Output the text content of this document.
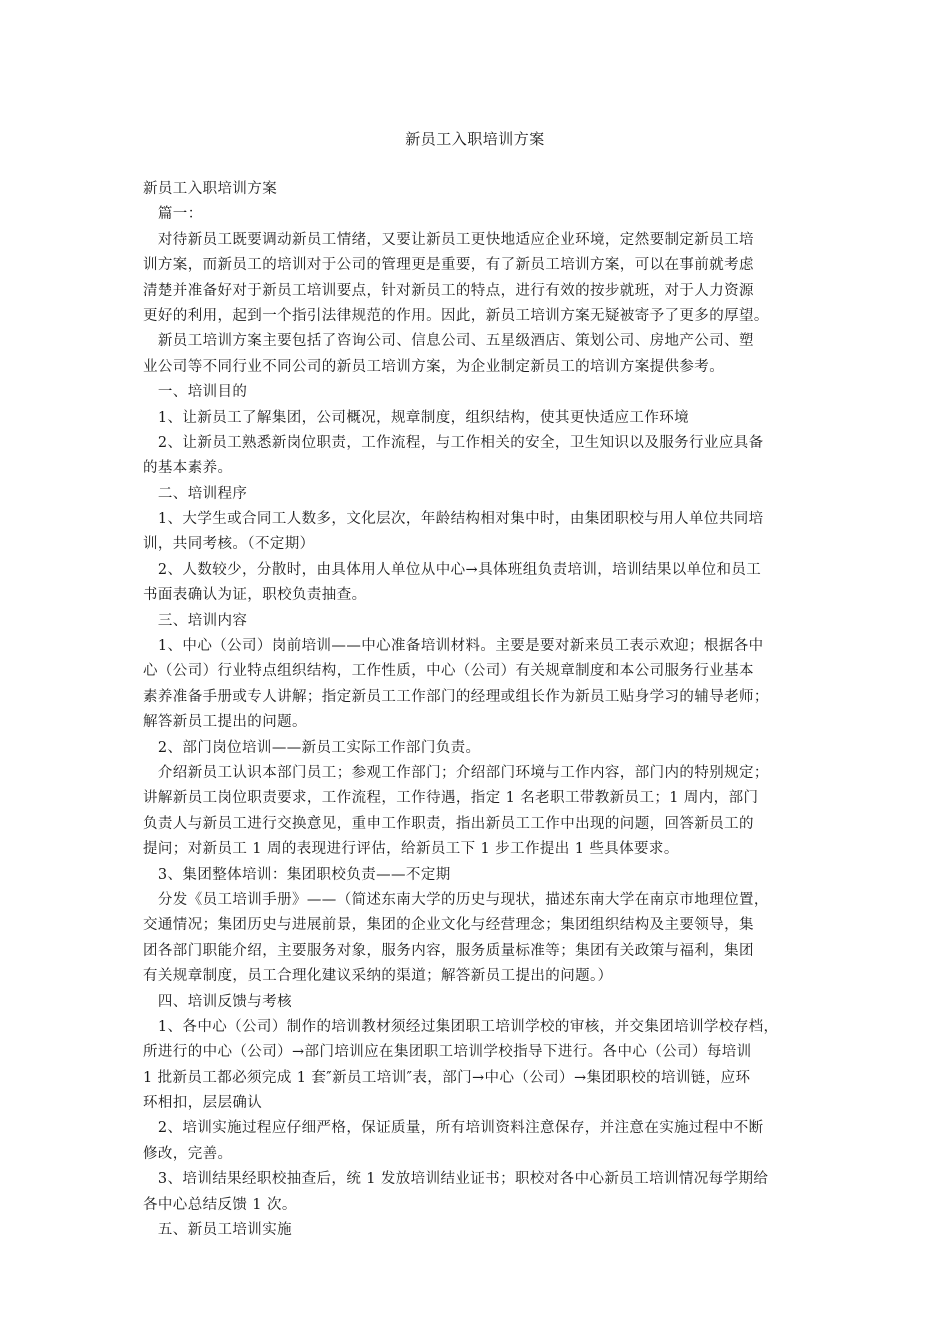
新员工入职培训方案
新员工入职培训方案
　篇一：
　对待新员工既要调动新员工情绪，又要让新员工更快地适应企业环境，定然要制定新员工培
训方案，而新员工的培训对于公司的管理更是重要，有了新员工培训方案，可以在事前就考虑
清楚并准备好对于新员工培训要点，针对新员工的特点，进行有效的按步就班，对于人力资源
更好的利用，起到一个指引法律规范的作用。因此，新员工培训方案无疑被寄予了更多的厚望。
　新员工培训方案主要包括了咨询公司、信息公司、五星级酒店、策划公司、房地产公司、塑
业公司等不同行业不同公司的新员工培训方案，为企业制定新员工的培训方案提供参考。
　一、培训目的
　1、让新员工了解集团，公司概况，规章制度，组织结构，使其更快适应工作环境
　2、让新员工熟悉新岗位职责，工作流程，与工作相关的安全，卫生知识以及服务行业应具备
的基本素养。
　二、培训程序
　1、大学生或合同工人数多，文化层次，年龄结构相对集中时，由集团职校与用人单位共同培
训，共同考核。（不定期）
　2、人数较少，分散时，由具体用人单位从中心→具体班组负责培训，培训结果以单位和员工
书面表确认为证，职校负责抽查。
　三、培训内容
　1、中心（公司）岗前培训——中心准备培训材料。主要是要对新来员工表示欢迎；根据各中
心（公司）行业特点组织结构，工作性质，中心（公司）有关规章制度和本公司服务行业基本
素养准备手册或专人讲解；指定新员工工作部门的经理或组长作为新员工贴身学习的辅导老师；
解答新员工提出的问题。
　2、部门岗位培训——新员工实际工作部门负责。
　介绍新员工认识本部门员工；参观工作部门；介绍部门环境与工作内容，部门内的特别规定；
讲解新员工岗位职责要求，工作流程，工作待遇，指定 1 名老职工带教新员工；1 周内，部门
负责人与新员工进行交换意见，重申工作职责，指出新员工工作中出现的问题，回答新员工的
提问；对新员工 1 周的表现进行评估，给新员工下 1 步工作提出 1 些具体要求。
　3、集团整体培训：集团职校负责——不定期
　分发《员工培训手册》——（简述东南大学的历史与现状，描述东南大学在南京市地理位置，
交通情况；集团历史与进展前景，集团的企业文化与经营理念；集团组织结构及主要领导，集
团各部门职能介绍，主要服务对象，服务内容，服务质量标准等；集团有关政策与福利，集团
有关规章制度，员工合理化建议采纳的渠道；解答新员工提出的问题。）
　四、培训反馈与考核
　1、各中心（公司）制作的培训教材须经过集团职工培训学校的审核，并交集团培训学校存档，
所进行的中心（公司）→部门培训应在集团职工培训学校指导下进行。各中心（公司）每培训
1 批新员工都必须完成 1 套″新员工培训″表，部门→中心（公司）→集团职校的培训链，应环
环相扣，层层确认
　2、培训实施过程应仔细严格，保证质量，所有培训资料注意保存，并注意在实施过程中不断
修改，完善。
　3、培训结果经职校抽查后，统 1 发放培训结业证书；职校对各中心新员工培训情况每学期给
各中心总结反馈 1 次。
　五、新员工培训实施
